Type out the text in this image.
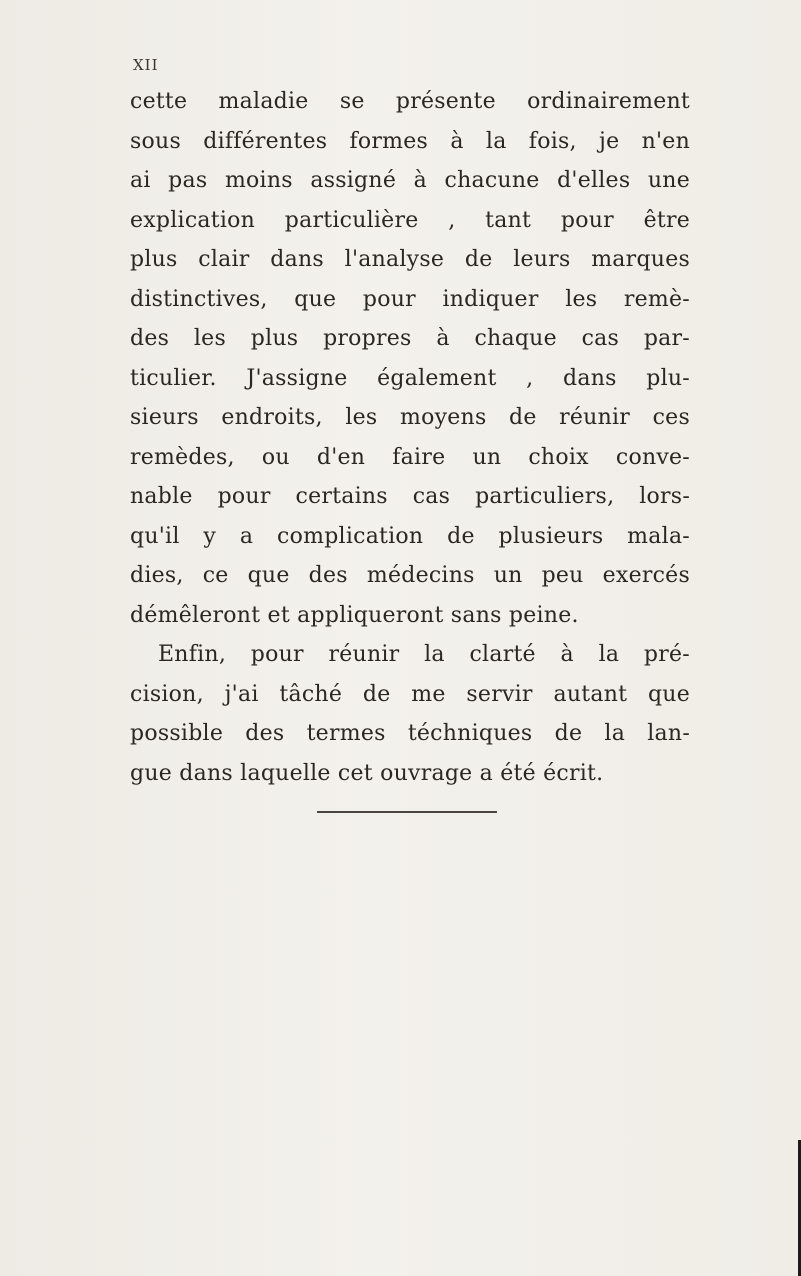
XII
cette maladie se présente ordinairement
sous différentes formes à la fois, je n'en
ai pas moins assigné à chacune d'elles une
explication particulière , tant pour être
plus clair dans l'analyse de leurs marques
distinctives, que pour indiquer les remè-
des les plus propres à chaque cas par-
ticulier. J'assigne également , dans plu-
sieurs endroits, les moyens de réunir ces
remèdes, ou d'en faire un choix conve-
nable pour certains cas particuliers, lors-
qu'il y a complication de plusieurs mala-
dies, ce que des médecins un peu exercés
démêleront et appliqueront sans peine.
Enfin, pour réunir la clarté à la pré-
cision, j'ai tâché de me servir autant que
possible des termes téchniques de la lan-
gue dans laquelle cet ouvrage a été écrit.
